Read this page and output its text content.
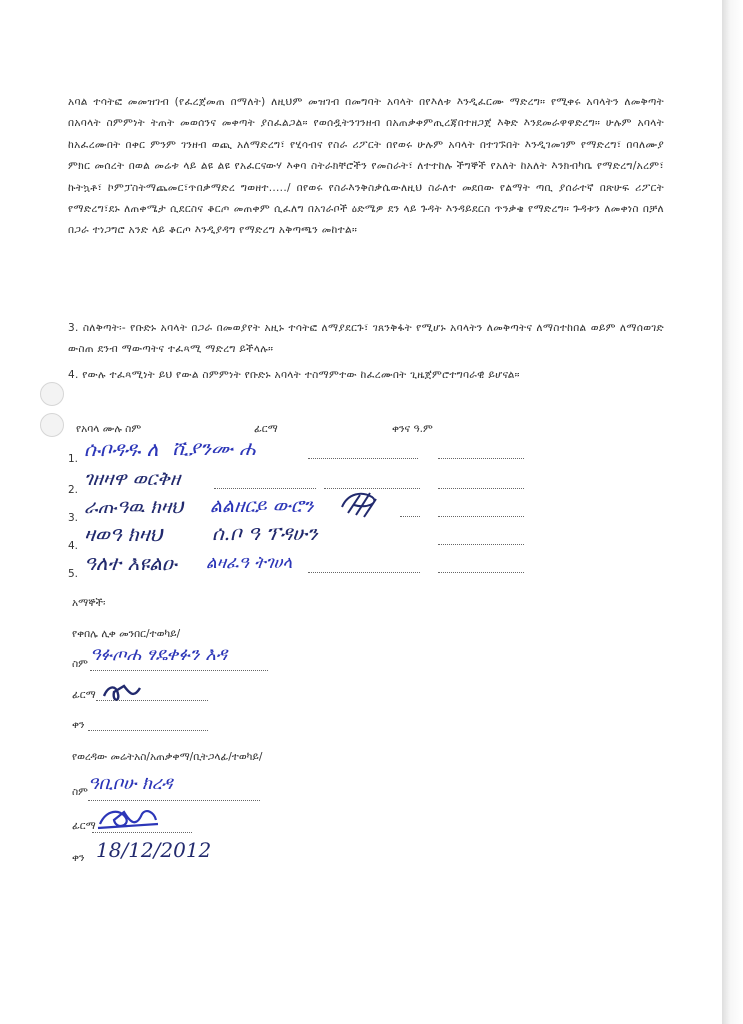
አባል ተሳትፎ መመዝገብ (የፈረጀመጠ በማለት) ለዚህም መዝገብ በመግባት አባላት በየእለቱ እንዲፈርሙ ማድረግ። የሚቀሩ አባላትን ለመቅጣት በአባላት ስምምነት ትጠት መወሰንና መቀጣት ያስፈልጋል። የወሰዷትንገንዘብ በአጠቃቀምጢረጃበተዘጋጀ እቅድ እንደመራዋዋድረግ። ሁሉም አባላት ከአፈረሙበት በቀር ምንም ገንዘብ ወጪ አለማድረግ፣ የሂሳብና የስራ ሪፖርት በየወሩ ሁሉም አባላት በተገኙበት እንዲገመገም የማድረግ፣ በባለሙያ ምክር መሰረት በወል መሬቱ ላይ ልዩ ልዩ የአፈርናውሃ እቀባ ስትራክቸሮችን የመስራት፣ ለተተከሉ ችግኞች የአለት ከአለት እንክብካቤ የማድረግ/አረም፣ ኩትኳቶ፣ ኮምፓስትማጨመር፣ጥበቃማድረ ግወዘተ...../ በየወሩ የስራእንቅስቃሴውለዚህ ስራለተ መደበው የልማት ጣቢ ያሰራተኛ በጽሁፍ ሪፖርት የማድረግ፣ደኑ ለጠቀሜታ ሲደርስና ቆርጦ መጠቀም ሲፈለግ በአገራቦች ዕድሜዎ ደን ላይ ጉዳት እንዳይደርስ ጥንቃቄ የማድረግ። ጉዳቱን ለመቀነስ በቻለ በጋራ ተነጋግሮ አንድ ላይ ቆርጦ እንዲያዳግ የማድረግ አቅጣጫን መከተል።

3. ስለቅጣት፡- የቡድኑ አባላት በጋራ በመወያየት አዚኑ ተሳትፎ ለማያደርጉ፣ ገጸንቅፋት የሚሆኑ አባላትን ለመቅጣትና ለማስተከበል ወይም ለማሰወገድ ውስጠ ደንብ ማውጣትና ተፈጻሚ ማድረግ ይችላሉ።

4. የውሉ ተፈጻሚነት ይህ የውል ስምምነት የቡድኑ አባላት ተስማምተው ከፈረሙበት ጊዜጀምሮተግባራዊ ይሆናል።

የአባላ ሙሉ ስም	ፊርማ	ቀንና ዓ.ም
1. ሱቦዳዱ ለ ሺያንሙ ሐ
2. ገዘዛዋ ወርቅዘ
3. ራጡዓዉ ክዛህ ልልዘርይ ውሮን
4. ዛወዓ ክዛህ ሰ.ቦ ዓ ፕዳሁን
5. ዓለተ እዩልዑ ልዛፈዓ ትገሀላ
አማኞች፡
የቀበሌ ሊቀ መንበር/ተወካይ/
ስም ዓፉጦሐ ፃዴቀፉን እዳ
ፊርማ
ቀን
የወረዳው መሬትአስ/አጠቃቀማ/ቢትጋላፊ/ተወካይ/
ስም ዓቢቦሁ ክረዳ
ፊርማ
ቀን 18/12/2012
